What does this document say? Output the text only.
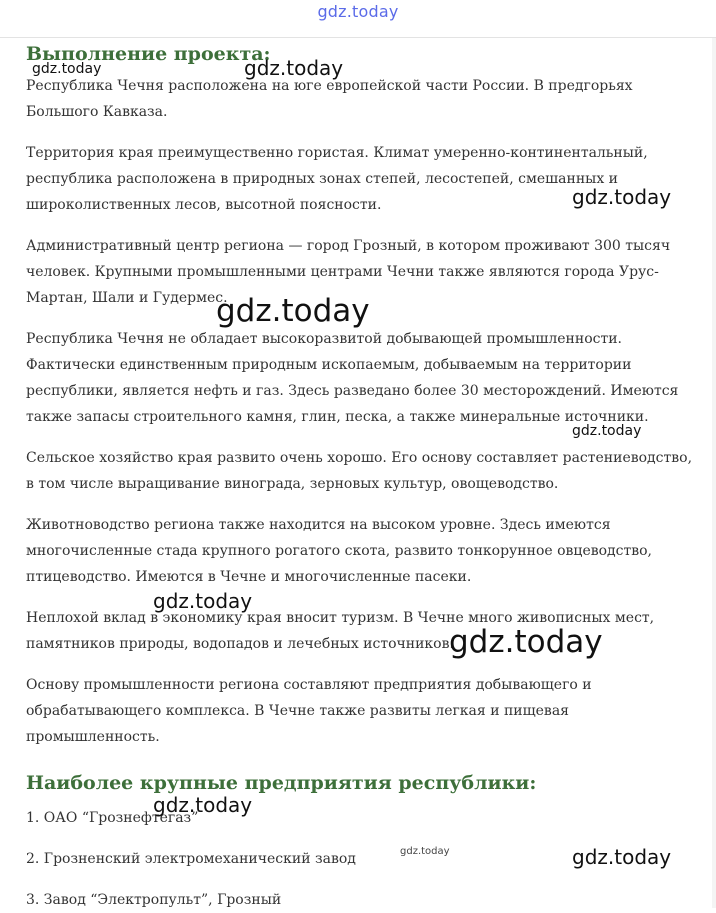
gdz.today
Выполнение проекта:

Республика Чечня расположена на юге европейской части России. В предгорьях Большого Кавказа.

Территория края преимущественно гористая. Климат умеренно-континентальный, республика расположена в природных зонах степей, лесостепей, смешанных и широколиственных лесов, высотной поясности.

Административный центр региона — город Грозный, в котором проживают 300 тысяч человек. Крупными промышленными центрами Чечни также являются города Урус-Мартан, Шали и Гудермес.

Республика Чечня не обладает высокоразвитой добывающей промышленности. Фактически единственным природным ископаемым, добываемым на территории республики, является нефть и газ. Здесь разведано более 30 месторождений. Имеются также запасы строительного камня, глин, песка, а также минеральные источники.

Сельское хозяйство края развито очень хорошо. Его основу составляет растениеводство, в том числе выращивание винограда, зерновых культур, овощеводство.

Животноводство региона также находится на высоком уровне. Здесь имеются многочисленные стада крупного рогатого скота, развито тонкорунное овцеводство, птицеводство. Имеются в Чечне и многочисленные пасеки.

Неплохой вклад в экономику края вносит туризм. В Чечне много живописных мест, памятников природы, водопадов и лечебных источников.

Основу промышленности региона составляют предприятия добывающего и обрабатывающего комплекса. В Чечне также развиты легкая и пищевая промышленность.

Наиболее крупные предприятия республики:

1. ОАО “Грознефтегаз”

2. Грозненский электромеханический завод

3. Завод “Электропульт”, Грозный

gdz.today	gdz.today
gdz.today
gdz.today
gdz.today
gdz.today
gdz.today
gdz.today
gdz.today	gdz.today
